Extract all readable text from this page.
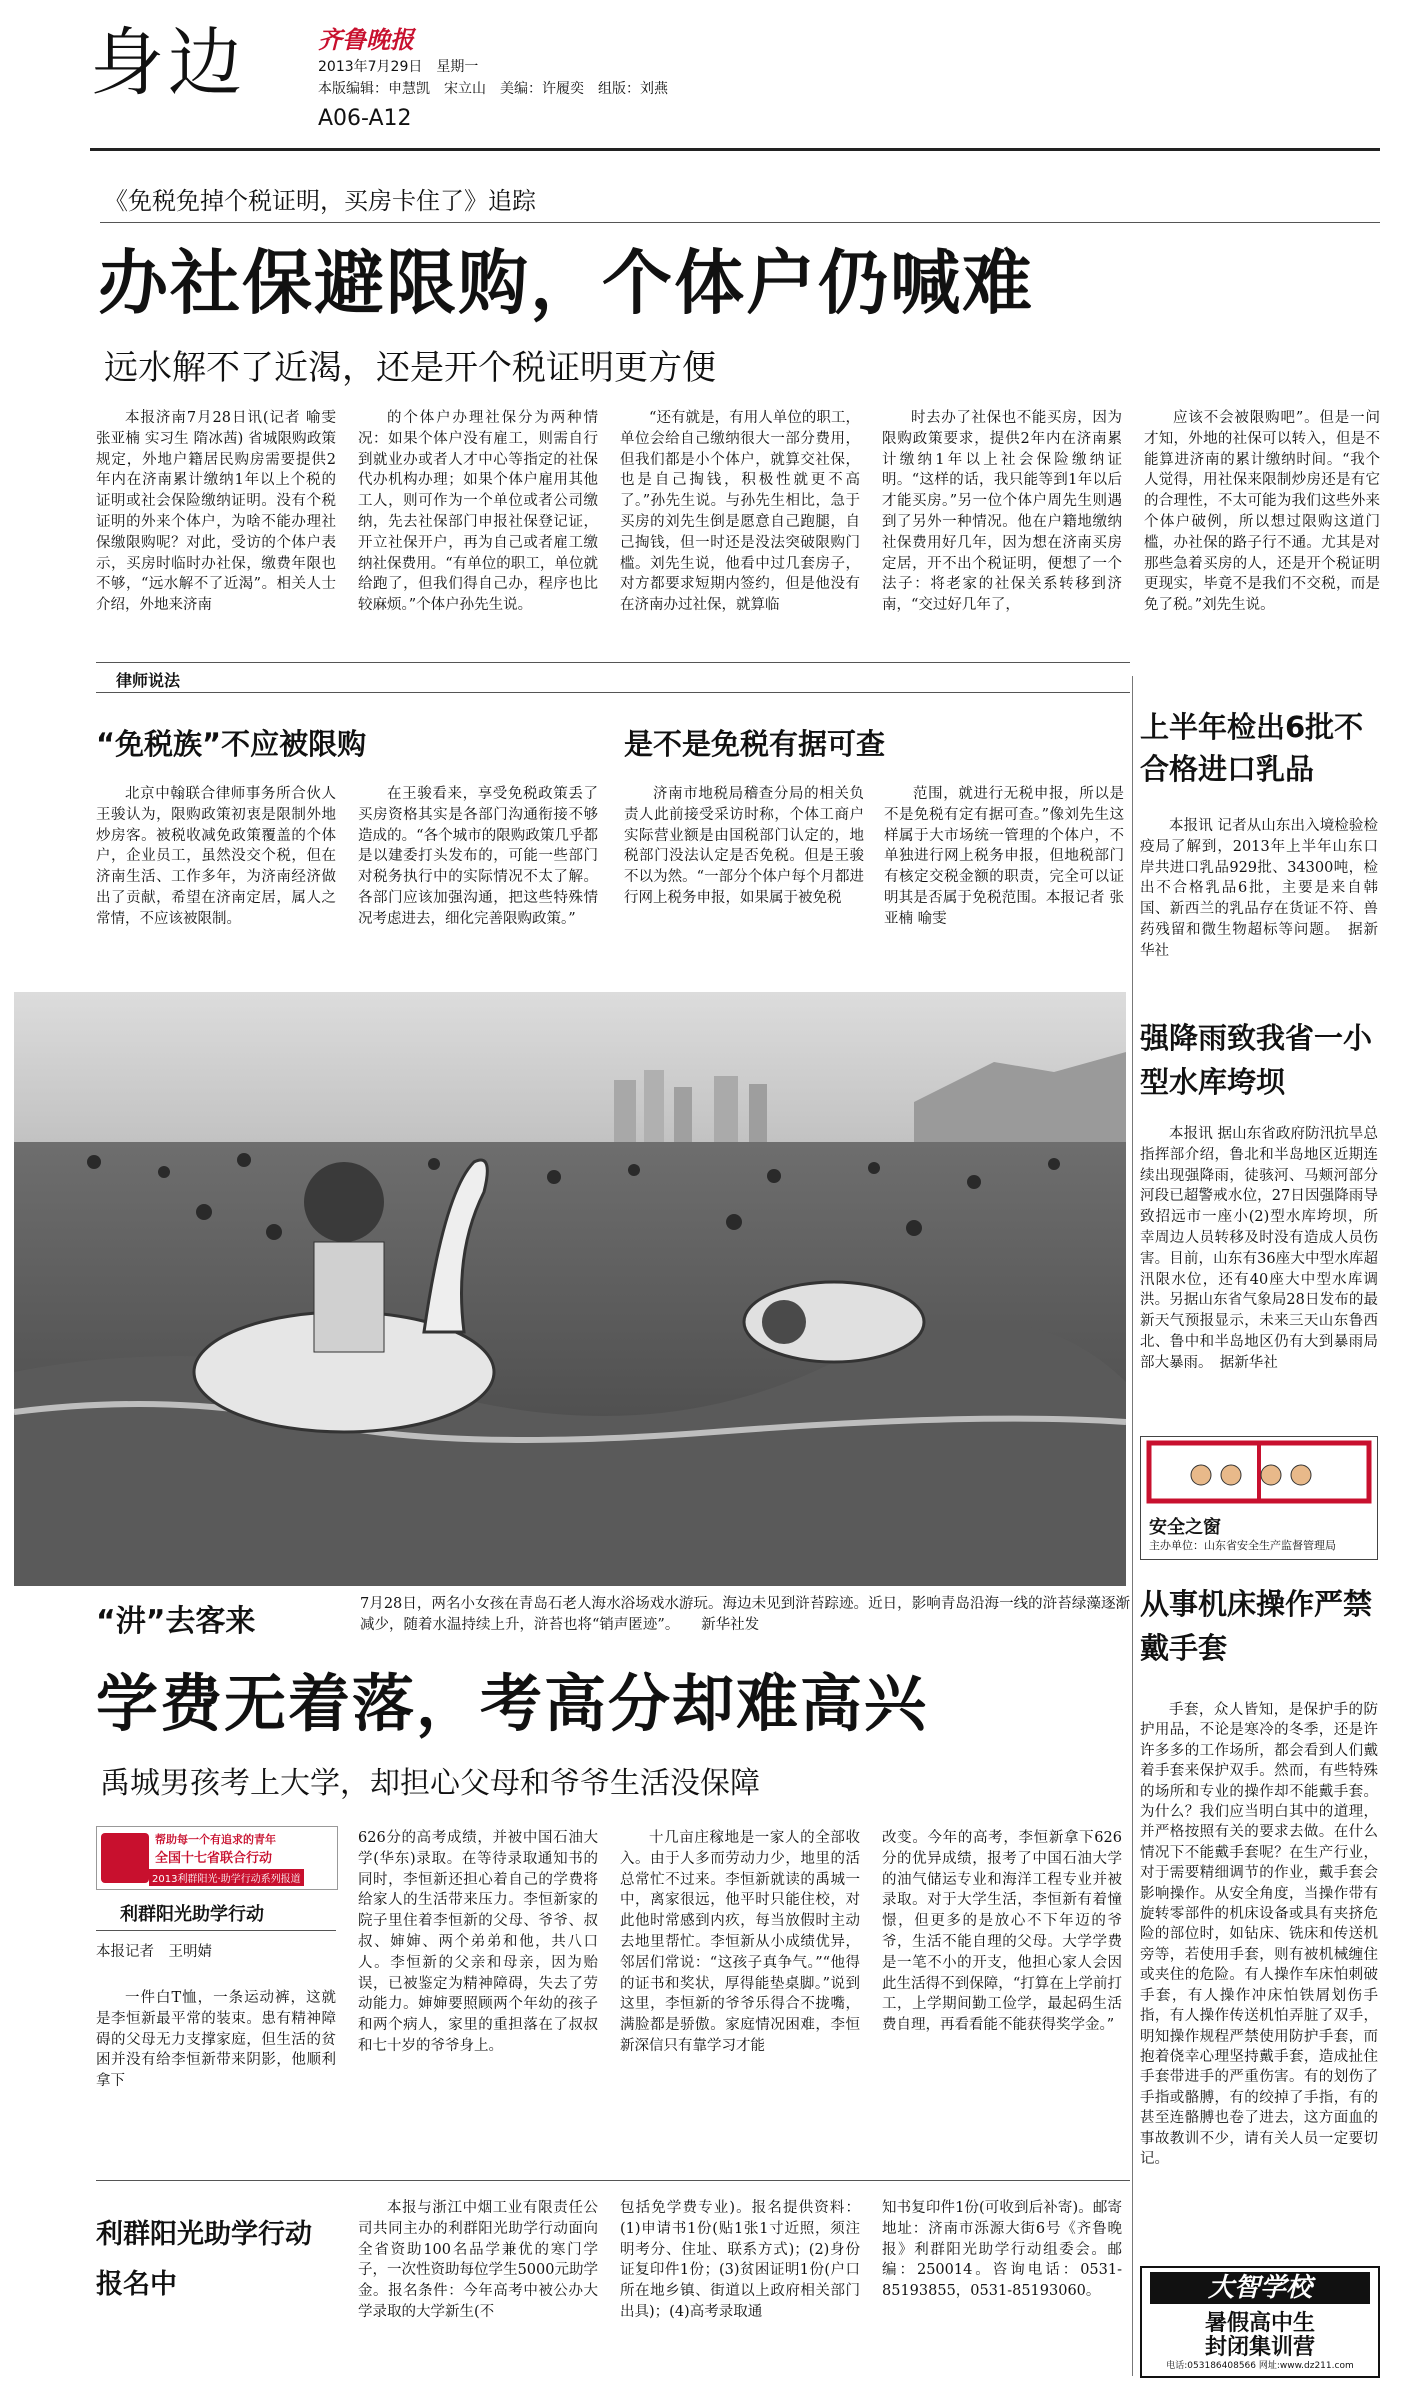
身边	齐鲁晚报
2013年7月29日　星期一
本版编辑：申慧凯　宋立山　美编：许履奕　组版：刘燕
A06-A12
《免税免掉个税证明，买房卡住了》追踪
办社保避限购，个体户仍喊难
远水解不了近渴，还是开个税证明更方便

本报济南7月28日讯(记者 喻雯 张亚楠 实习生 隋冰茜) 省城限购政策规定，外地户籍居民购房需要提供2年内在济南累计缴纳1年以上个税的证明或社会保险缴纳证明。没有个税证明的外来个体户，为啥不能办理社保缴限购呢？对此，受访的个体户表示，买房时临时办社保，缴费年限也不够，“远水解不了近渴”。相关人士介绍，外地来济南

的个体户办理社保分为两种情况：如果个体户没有雇工，则需自行到就业办或者人才中心等指定的社保代办机构办理；如果个体户雇用其他工人，则可作为一个单位或者公司缴纳，先去社保部门申报社保登记证，开立社保开户，再为自己或者雇工缴纳社保费用。“有单位的职工，单位就给跑了，但我们得自己办，程序也比较麻烦。”个体户孙先生说。

“还有就是，有用人单位的职工，单位会给自己缴纳很大一部分费用，但我们都是小个体户，就算交社保，也是自己掏钱，积极性就更不高了。”孙先生说。与孙先生相比，急于买房的刘先生倒是愿意自己跑腿，自己掏钱，但一时还是没法突破限购门槛。刘先生说，他看中过几套房子，对方都要求短期内签约，但是他没有在济南办过社保，就算临

时去办了社保也不能买房，因为限购政策要求，提供2年内在济南累计缴纳1年以上社会保险缴纳证明。“这样的话，我只能等到1年以后才能买房。”另一位个体户周先生则遇到了另外一种情况。他在户籍地缴纳社保费用好几年，因为想在济南买房定居，开不出个税证明，便想了一个法子：将老家的社保关系转移到济南，“交过好几年了，

应该不会被限购吧”。但是一问才知，外地的社保可以转入，但是不能算进济南的累计缴纳时间。“我个人觉得，用社保来限制炒房还是有它的合理性，不太可能为我们这些外来个体户破例，所以想过限购这道门槛，办社保的路子行不通。尤其是对那些急着买房的人，还是开个税证明更现实，毕竟不是我们不交税，而是免了税。”刘先生说。

律师说法
“免税族”不应被限购	是不是免税有据可查

北京中翰联合律师事务所合伙人王骏认为，限购政策初衷是限制外地炒房客。被税收减免政策覆盖的个体户，企业员工，虽然没交个税，但在济南生活、工作多年，为济南经济做出了贡献，希望在济南定居，属人之常情，不应该被限制。

在王骏看来，享受免税政策丢了买房资格其实是各部门沟通衔接不够造成的。“各个城市的限购政策几乎都是以建委打头发布的，可能一些部门对税务执行中的实际情况不太了解。各部门应该加强沟通，把这些特殊情况考虑进去，细化完善限购政策。”

济南市地税局稽查分局的相关负责人此前接受采访时称，个体工商户实际营业额是由国税部门认定的，地税部门没法认定是否免税。但是王骏不以为然。“一部分个体户每个月都进行网上税务申报，如果属于被免税

范围，就进行无税申报，所以是不是免税有定有据可查。”像刘先生这样属于大市场统一管理的个体户，不单独进行网上税务申报，但地税部门有核定交税金额的职责，完全可以证明其是否属于免税范围。本报记者 张亚楠 喻雯

上半年检出6批不合格进口乳品

本报讯 记者从山东出入境检验检疫局了解到，2013年上半年山东口岸共进口乳品929批、34300吨，检出不合格乳品6批，主要是来自韩国、新西兰的乳品存在货证不符、兽药残留和微生物超标等问题。　据新华社

强降雨致我省一小型水库垮坝

本报讯 据山东省政府防汛抗旱总指挥部介绍，鲁北和半岛地区近期连续出现强降雨，徒骇河、马颊河部分河段已超警戒水位，27日因强降雨导致招远市一座小(2)型水库垮坝，所幸周边人员转移及时没有造成人员伤害。目前，山东有36座大中型水库超汛限水位，还有40座大中型水库调洪。另据山东省气象局28日发布的最新天气预报显示，未来三天山东鲁西北、鲁中和半岛地区仍有大到暴雨局部大暴雨。　据新华社

安全之窗
主办单位：山东省安全生产监督管理局
从事机床操作严禁戴手套

手套，众人皆知，是保护手的防护用品，不论是寒冷的冬季，还是许许多多的工作场所，都会看到人们戴着手套来保护双手。然而，有些特殊的场所和专业的操作却不能戴手套。为什么？我们应当明白其中的道理，并严格按照有关的要求去做。在什么情况下不能戴手套呢？在生产行业，对于需要精细调节的作业，戴手套会影响操作。从安全角度，当操作带有旋转零部件的机床设备或具有夹挤危险的部位时，如钻床、铣床和传送机旁等，若使用手套，则有被机械缠住或夹住的危险。有人操作车床怕刺破手套，有人操作冲床怕铁屑划伤手指，有人操作传送机怕弄脏了双手，明知操作规程严禁使用防护手套，而抱着侥幸心理坚持戴手套，造成扯住手套带进手的严重伤害。有的划伤了手指或骼膊，有的绞掉了手指，有的甚至连骼膊也卷了进去，这方面血的事故教训不少，请有关人员一定要切记。

大智学校
暑假高中生
封闭集训营
电话:053186408566 网址:www.dz211.com
“汫”去客来	7月28日，两名小女孩在青岛石老人海水浴场戏水游玩。海边未见到浒苔踪迹。近日，影响青岛沿海一线的浒苔绿藻逐渐减少，随着水温持续上升，浒苔也将“销声匿迹”。　　新华社发

学费无着落，考高分却难高兴
禹城男孩考上大学，却担心父母和爷爷生活没保障
帮助每一个有追求的青年
全国十七省联合行动
2013利群阳光·助学行动系列报道
利群阳光助学行动
本报记者　王明婧

一件白T恤，一条运动裤，这就是李恒新最平常的装束。患有精神障碍的父母无力支撑家庭，但生活的贫困并没有给李恒新带来阴影，他顺利拿下

626分的高考成绩，并被中国石油大学(华东)录取。在等待录取通知书的同时，李恒新还担心着自己的学费将给家人的生活带来压力。李恒新家的院子里住着李恒新的父母、爷爷、叔叔、婶婶、两个弟弟和他，共八口人。李恒新的父亲和母亲，因为贻误，已被鉴定为精神障碍，失去了劳动能力。婶婶要照顾两个年幼的孩子和两个病人，家里的重担落在了叔叔和七十岁的爷爷身上。

十几亩庄稼地是一家人的全部收入。由于人多而劳动力少，地里的活总常忙不过来。李恒新就读的禹城一中，离家很远，他平时只能住校，对此他时常感到内疚，每当放假时主动去地里帮忙。李恒新从小成绩优异，邻居们常说：“这孩子真争气。”“他得的证书和奖状，厚得能垫桌脚。”说到这里，李恒新的爷爷乐得合不拢嘴，满脸都是骄傲。家庭情况困难，李恒新深信只有靠学习才能

改变。今年的高考，李恒新拿下626分的优异成绩，报考了中国石油大学的油气储运专业和海洋工程专业并被录取。对于大学生活，李恒新有着憧憬，但更多的是放心不下年迈的爷爷，生活不能自理的父母。大学学费是一笔不小的开支，他担心家人会因此生活得不到保障，“打算在上学前打工，上学期间勤工俭学，最起码生活费自理，再看看能不能获得奖学金。”

利群阳光助学行动报名中

本报与浙江中烟工业有限责任公司共同主办的利群阳光助学行动面向全省资助100名品学兼优的寒门学子，一次性资助每位学生5000元助学金。报名条件：今年高考中被公办大学录取的大学新生(不

包括免学费专业)。报名提供资料：(1)申请书1份(贴1张1寸近照，须注明考分、住址、联系方式)；(2)身份证复印件1份；(3)贫困证明1份(户口所在地乡镇、街道以上政府相关部门出具)；(4)高考录取通

知书复印件1份(可收到后补寄)。邮寄地址：济南市泺源大街6号《齐鲁晚报》利群阳光助学行动组委会。邮编：250014。咨询电话：0531-85193855，0531-85193060。
